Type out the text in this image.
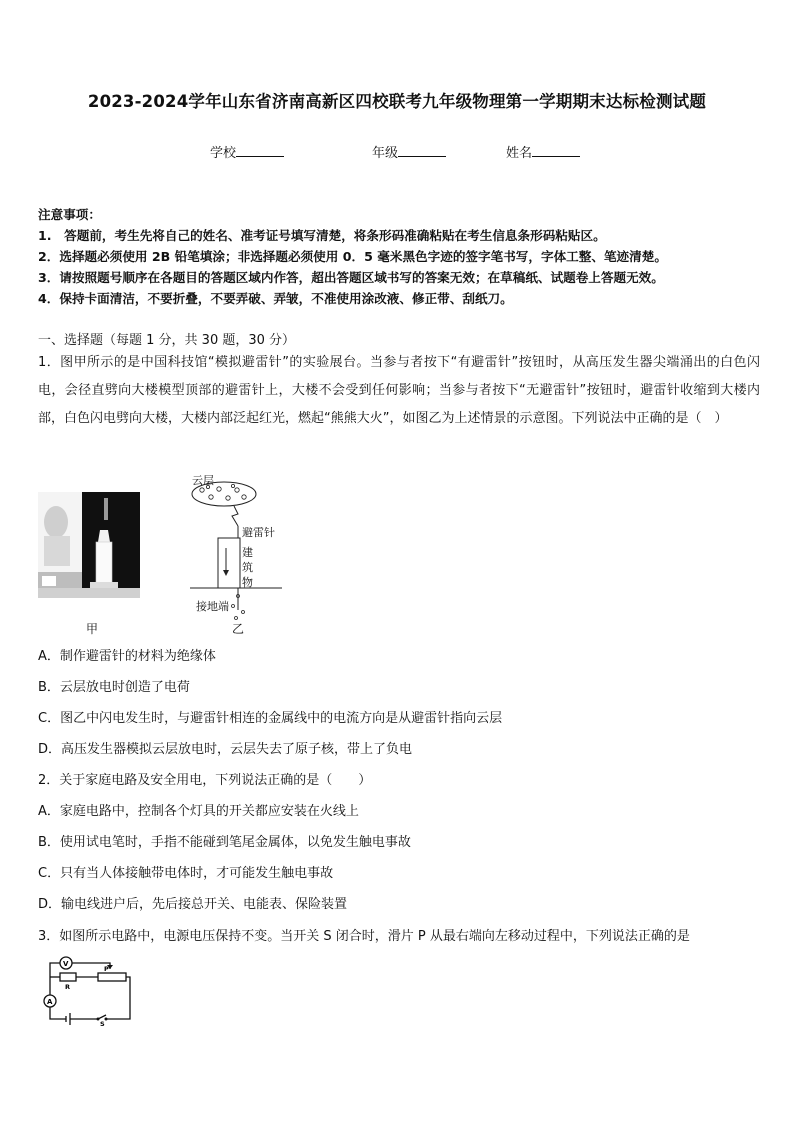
2023-2024学年山东省济南高新区四校联考九年级物理第一学期期末达标检测试题
学校	年级	姓名
注意事项：
1.　答题前，考生先将自己的姓名、准考证号填写清楚，将条形码准确粘贴在考生信息条形码粘贴区。
2．选择题必须使用 2B 铅笔填涂；非选择题必须使用 0．5 毫米黑色字迹的签字笔书写，字体工整、笔迹清楚。
3．请按照题号顺序在各题目的答题区域内作答，超出答题区域书写的答案无效；在草稿纸、试题卷上答题无效。
4．保持卡面清洁，不要折叠，不要弄破、弄皱，不准使用涂改液、修正带、刮纸刀。
一、选择题（每题 1 分，共 30 题，30 分）
1．图甲所示的是中国科技馆“模拟避雷针”的实验展台。当参与者按下“有避雷针”按钮时，从高压发生器尖端涌出的白色闪电，会径直劈向大楼模型顶部的避雷针上，大楼不会受到任何影响；当参与者按下“无避雷针”按钮时，避雷针收缩到大楼内部，白色闪电劈向大楼，大楼内部泛起红光，燃起“熊熊大火”，如图乙为上述情景的示意图。下列说法中正确的是（　）
甲
云层
避雷针
建
筑
物
接地端
乙
A．制作避雷针的材料为绝缘体
B．云层放电时创造了电荷
C．图乙中闪电发生时，与避雷针相连的金属线中的电流方向是从避雷针指向云层
D．高压发生器模拟云层放电时，云层失去了原子核，带上了负电
2．关于家庭电路及安全用电，下列说法正确的是（　　）
A．家庭电路中，控制各个灯具的开关都应安装在火线上
B．使用试电笔时，手指不能碰到笔尾金属体，以免发生触电事故
C．只有当人体接触带电体时，才可能发生触电事故
D．输电线进户后，先后接总开关、电能表、保险装置
3．如图所示电路中，电源电压保持不变。当开关 S 闭合时，滑片 P 从最右端向左移动过程中，下列说法正确的是
V
A
R
P
S
